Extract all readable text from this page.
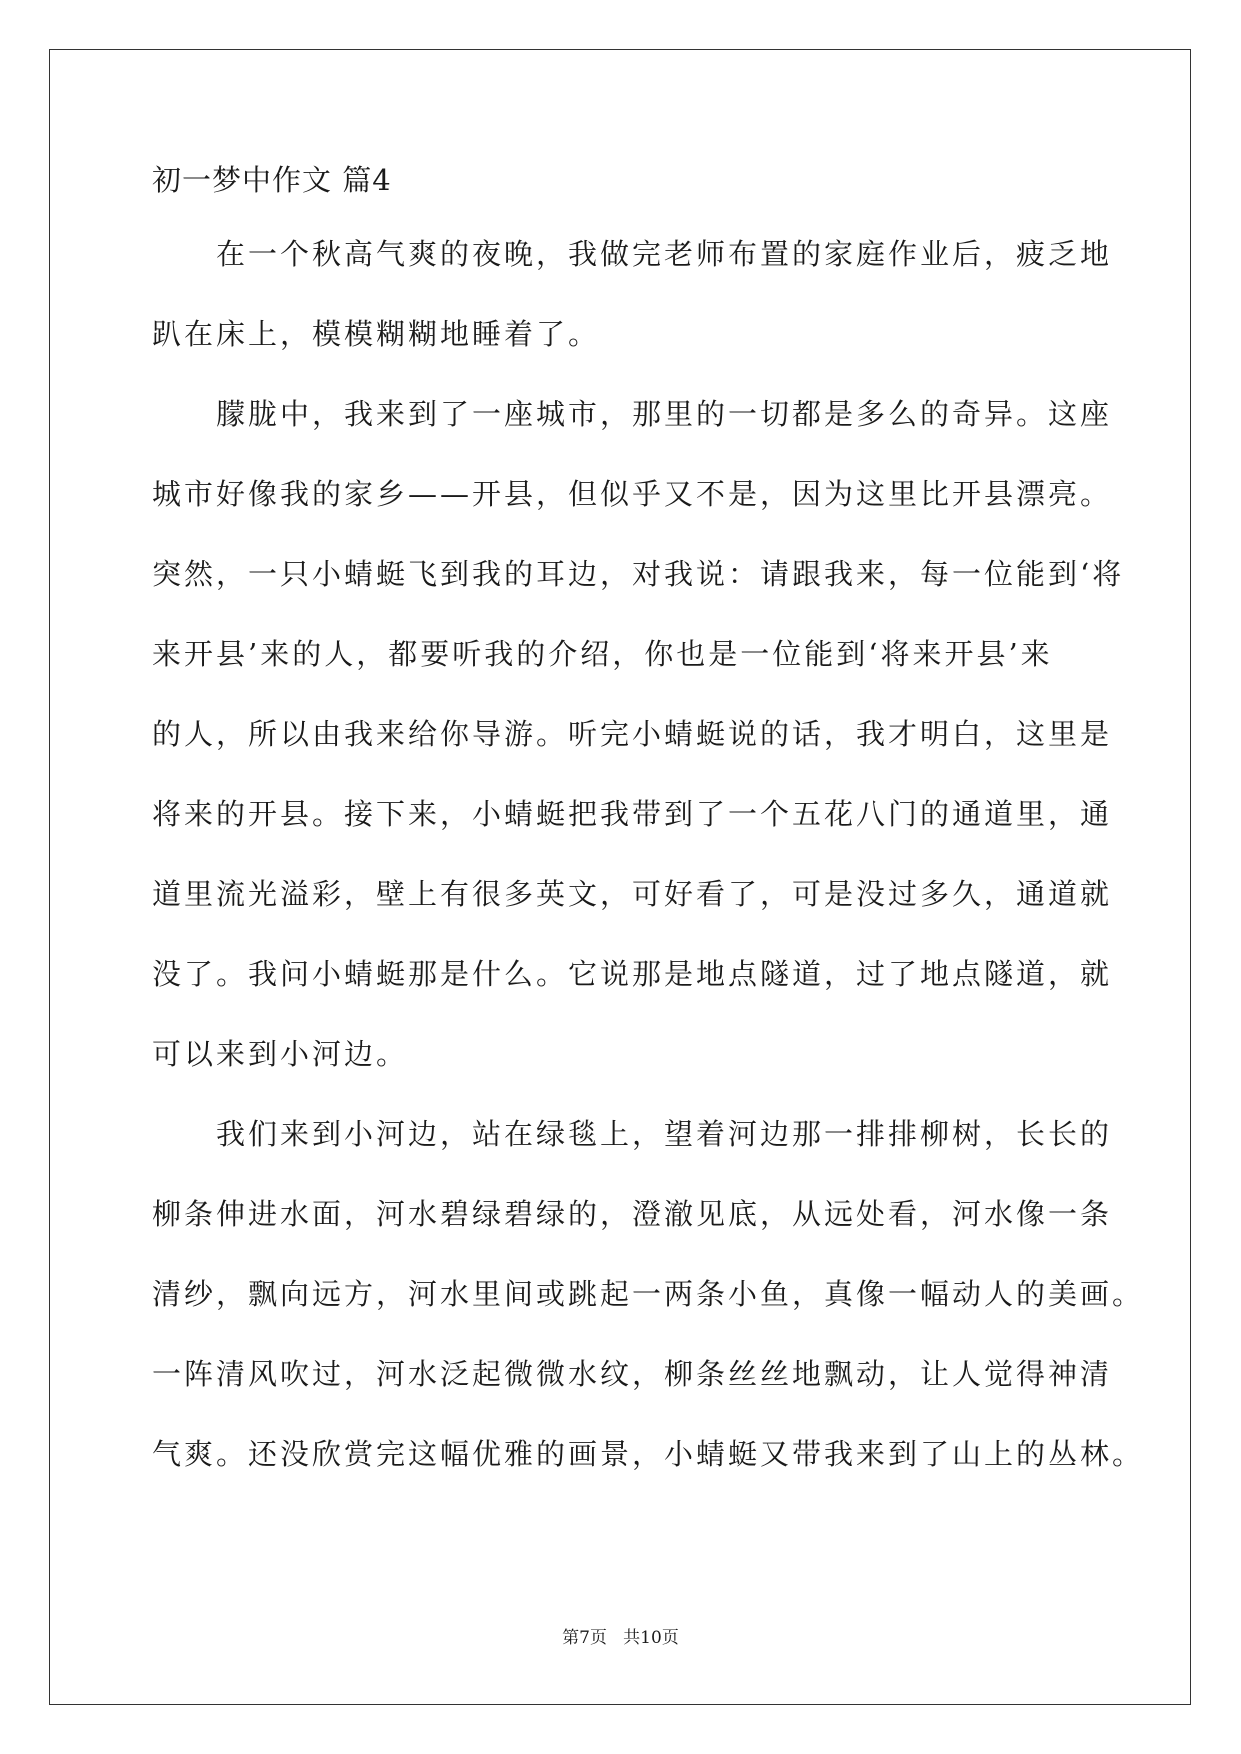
初一梦中作文 篇4
在一个秋高气爽的夜晚，我做完老师布置的家庭作业后，疲乏地
趴在床上，模模糊糊地睡着了。
朦胧中，我来到了一座城市，那里的一切都是多么的奇异。这座
城市好像我的家乡——开县，但似乎又不是，因为这里比开县漂亮。
突然，一只小蜻蜓飞到我的耳边，对我说：请跟我来，每一位能到‘将
来开县’来的人，都要听我的介绍，你也是一位能到‘将来开县’来
的人，所以由我来给你导游。听完小蜻蜓说的话，我才明白，这里是
将来的开县。接下来，小蜻蜓把我带到了一个五花八门的通道里，通
道里流光溢彩，壁上有很多英文，可好看了，可是没过多久，通道就
没了。我问小蜻蜓那是什么。它说那是地点隧道，过了地点隧道，就
可以来到小河边。
我们来到小河边，站在绿毯上，望着河边那一排排柳树，长长的
柳条伸进水面，河水碧绿碧绿的，澄澈见底，从远处看，河水像一条
清纱，飘向远方，河水里间或跳起一两条小鱼，真像一幅动人的美画。
一阵清风吹过，河水泛起微微水纹，柳条丝丝地飘动，让人觉得神清
气爽。还没欣赏完这幅优雅的画景，小蜻蜓又带我来到了山上的丛林。
第7页   共10页
